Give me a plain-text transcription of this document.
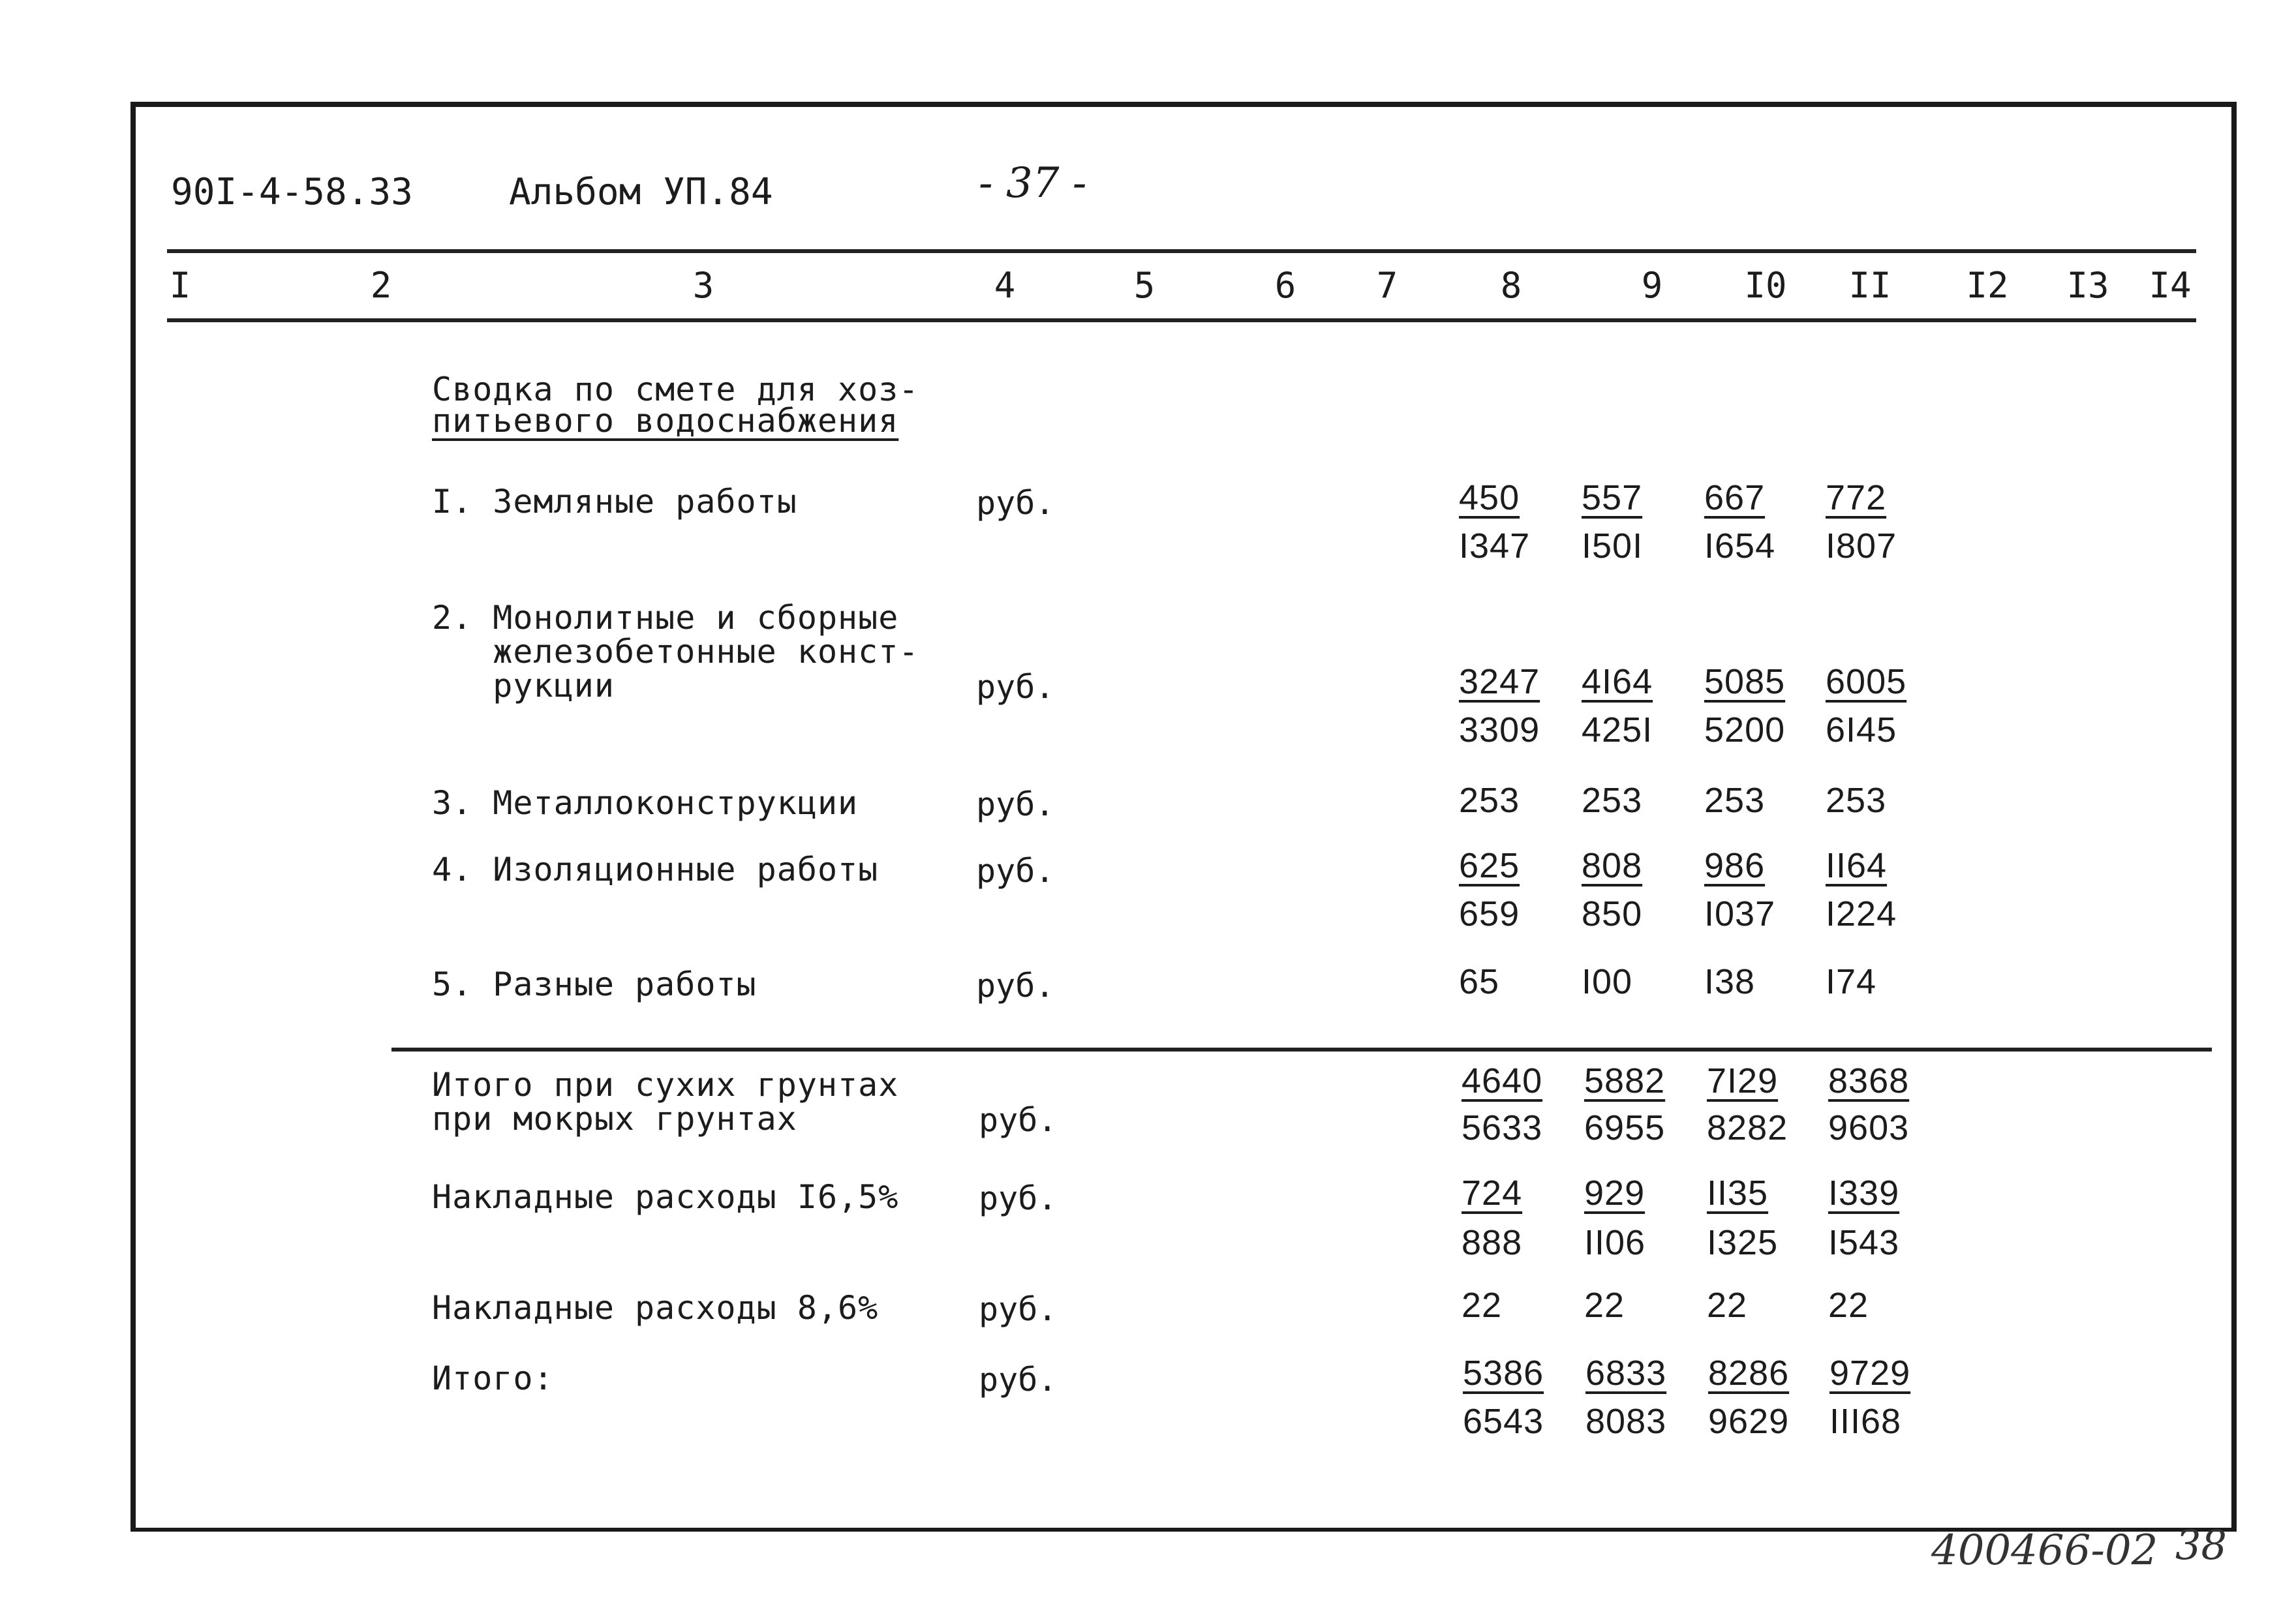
90I-4-58.33	Альбом УП.84	- 37 -
I	2	3	4	5	6	7	8	9	I0 II I2 I3 I4
Сводка по смете для хоз-
питьевого водоснабжения
I. Земляные работы	руб.	450 557 667 772
I347 I50I I654 I807
2. Монолитные и сборные
железобетонные конст-
рукции	руб.	3247 4I64 5085 6005
3309 425I 5200 6I45
3. Металлоконструкции	руб.	253 253 253 253
4. Изоляционные работы	руб.	625 808 986 II64
659 850 I037 I224
5. Разные работы	руб.	65 I00 I38 I74
Итого при сухих грунтах
при мокрых грунтах	руб.
4640 5882 7I29 8368
5633 6955 8282 9603
Накладные расходы I6,5% руб.	724 929 II35 I339
888 II06 I325 I543
Накладные расходы 8,6%	руб.	22 22 22 22
Итого:	руб.	5386 6833 8286 9729
6543 8083 9629 III68
400466-02 38
